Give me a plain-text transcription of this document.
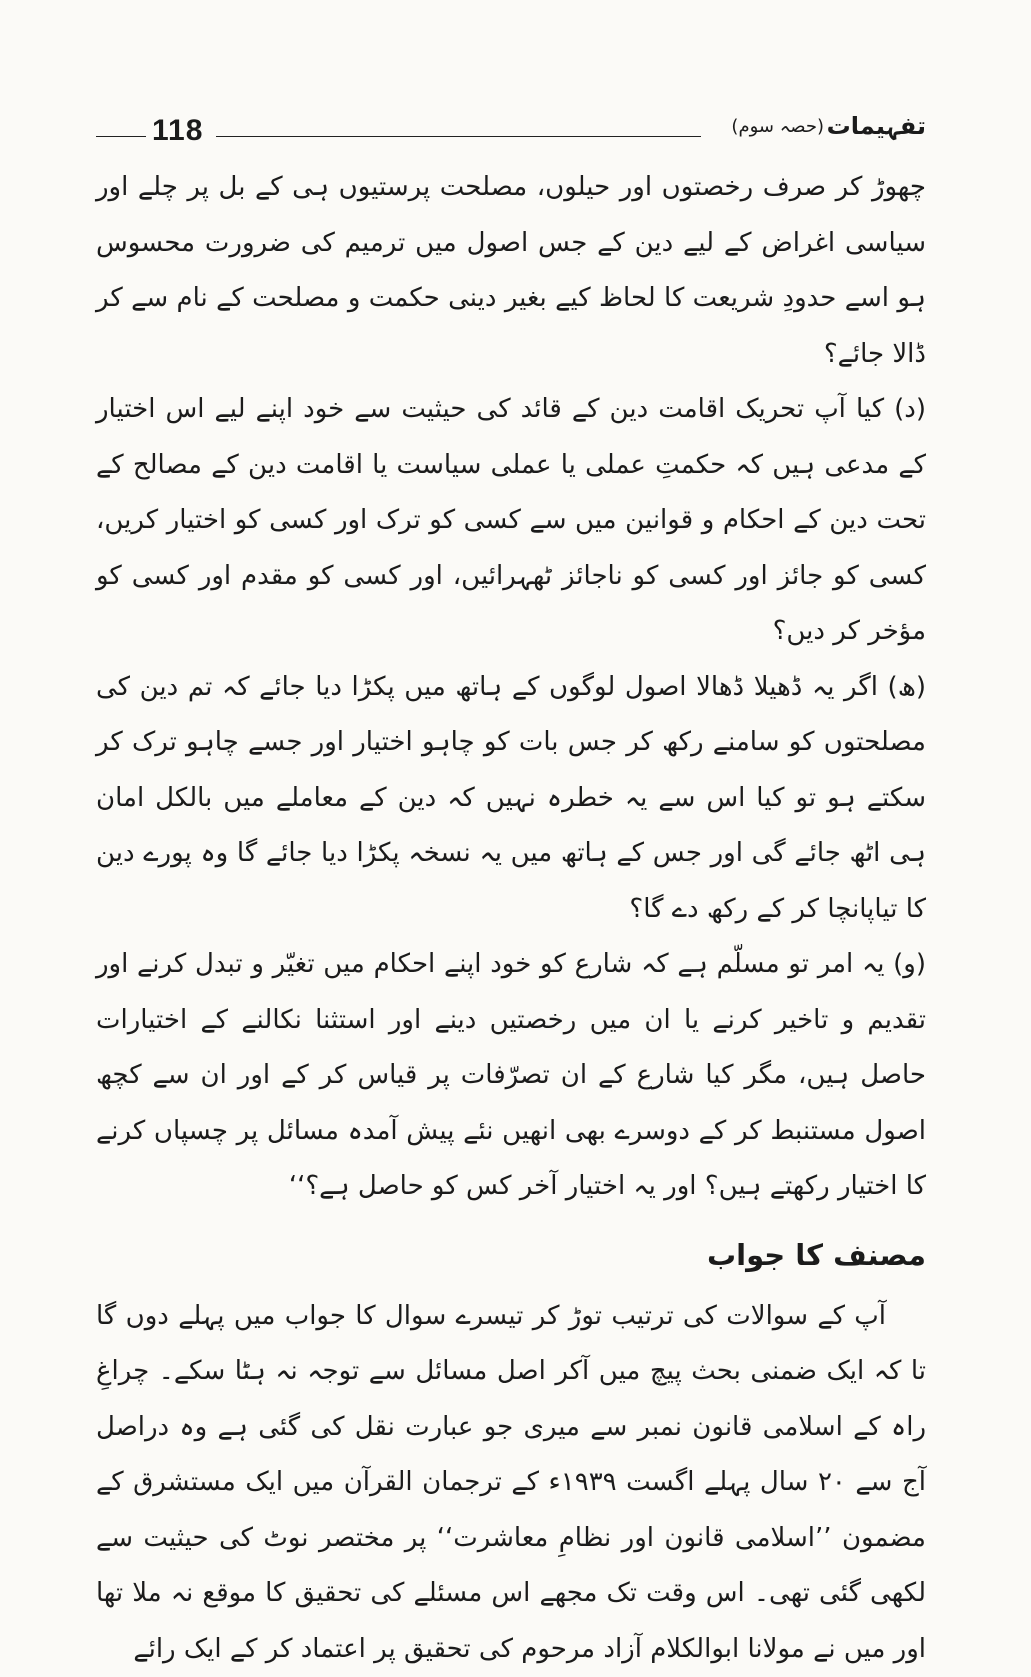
118	(حصہ سوم) تفہیمات

چھوڑ کر صرف رخصتوں اور حیلوں، مصلحت پرستیوں ہی کے بل پر چلے اور سیاسی اغراض کے لیے دین کے جس اصول میں ترمیم کی ضرورت محسوس ہو اسے حدودِ شریعت کا لحاظ کیے بغیر دینی حکمت و مصلحت کے نام سے کر ڈالا جائے؟

(د) کیا آپ تحریک اقامت دین کے قائد کی حیثیت سے خود اپنے لیے اس اختیار کے مدعی ہیں کہ حکمتِ عملی یا عملی سیاست یا اقامت دین کے مصالح کے تحت دین کے احکام و قوانین میں سے کسی کو ترک اور کسی کو اختیار کریں، کسی کو جائز اور کسی کو ناجائز ٹھہرائیں، اور کسی کو مقدم اور کسی کو مؤخر کر دیں؟

(ھ) اگر یہ ڈھیلا ڈھالا اصول لوگوں کے ہاتھ میں پکڑا دیا جائے کہ تم دین کی مصلحتوں کو سامنے رکھ کر جس بات کو چاہو اختیار اور جسے چاہو ترک کر سکتے ہو تو کیا اس سے یہ خطرہ نہیں کہ دین کے معاملے میں بالکل امان ہی اٹھ جائے گی اور جس کے ہاتھ میں یہ نسخہ پکڑا دیا جائے گا وہ پورے دین کا تیاپانچا کر کے رکھ دے گا؟

(و) یہ امر تو مسلّم ہے کہ شارع کو خود اپنے احکام میں تغیّر و تبدل کرنے اور تقدیم و تاخیر کرنے یا ان میں رخصتیں دینے اور استثنا نکالنے کے اختیارات حاصل ہیں، مگر کیا شارع کے ان تصرّفات پر قیاس کر کے اور ان سے کچھ اصول مستنبط کر کے دوسرے بھی انھیں نئے پیش آمدہ مسائل پر چسپاں کرنے کا اختیار رکھتے ہیں؟ اور یہ اختیار آخر کس کو حاصل ہے؟‘‘

مصنف کا جواب

آپ کے سوالات کی ترتیب توڑ کر تیسرے سوال کا جواب میں پہلے دوں گا تا کہ ایک ضمنی بحث پیچ میں آکر اصل مسائل سے توجہ نہ ہٹا سکے۔ چراغِ راہ کے اسلامی قانون نمبر سے میری جو عبارت نقل کی گئی ہے وہ دراصل آج سے ۲۰ سال پہلے اگست ۱۹۳۹ء کے ترجمان القرآن میں ایک مستشرق کے مضمون ’’اسلامی قانون اور نظامِ معاشرت‘‘ پر مختصر نوٹ کی حیثیت سے لکھی گئی تھی۔ اس وقت تک مجھے اس مسئلے کی تحقیق کا موقع نہ ملا تھا اور میں نے مولانا ابوالکلام آزاد مرحوم کی تحقیق پر اعتماد کر کے ایک رائے
